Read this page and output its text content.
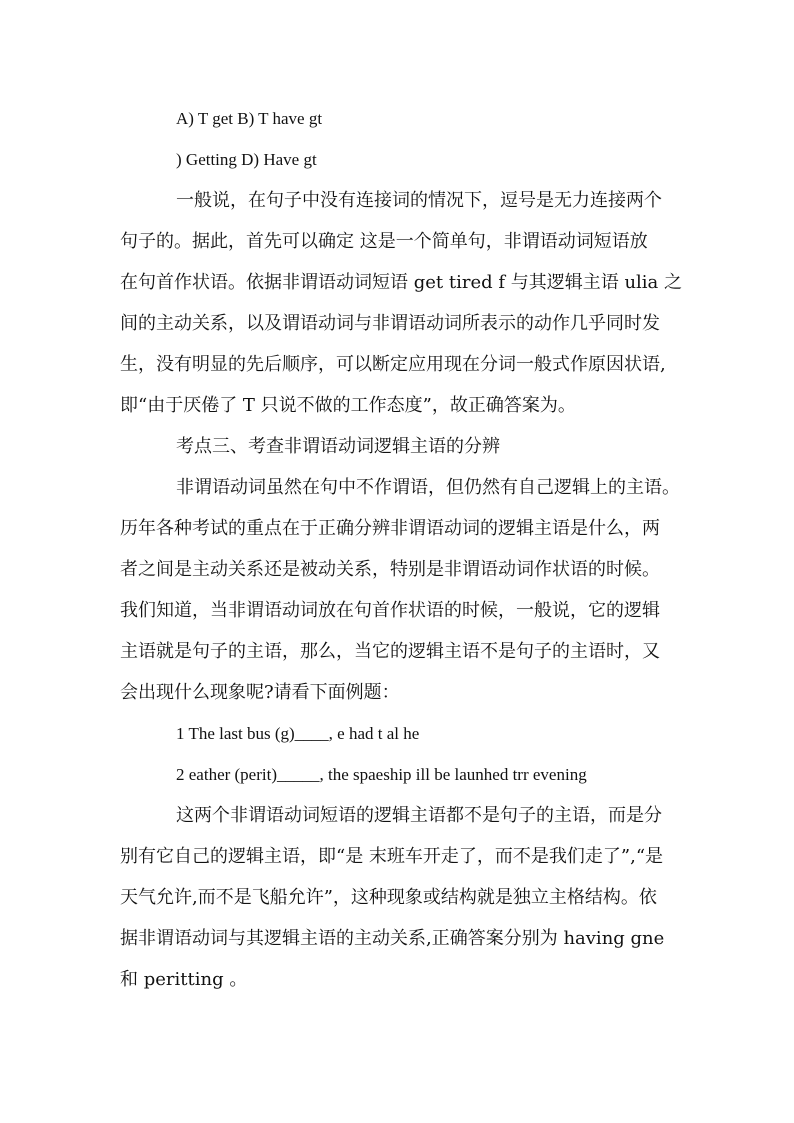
A) T get B) T have gt
) Getting D) Have gt
一般说，在句子中没有连接词的情况下，逗号是无力连接两个
句子的。据此，首先可以确定 这是一个简单句，非谓语动词短语放
在句首作状语。依据非谓语动词短语 get tired f 与其逻辑主语 ulia 之
间的主动关系，以及谓语动词与非谓语动词所表示的动作几乎同时发
生，没有明显的先后顺序，可以断定应用现在分词一般式作原因状语,
即“由于厌倦了 T 只说不做的工作态度”，故正确答案为。
考点三、考查非谓语动词逻辑主语的分辨
非谓语动词虽然在句中不作谓语，但仍然有自己逻辑上的主语。
历年各种考试的重点在于正确分辨非谓语动词的逻辑主语是什么，两
者之间是主动关系还是被动关系，特别是非谓语动词作状语的时候。
我们知道，当非谓语动词放在句首作状语的时候，一般说，它的逻辑
主语就是句子的主语，那么，当它的逻辑主语不是句子的主语时，又
会出现什么现象呢?请看下面例题：
1 The last bus (g)____, e had t al he
2 eather (perit)_____, the spaeship ill be launhed trr evening
这两个非谓语动词短语的逻辑主语都不是句子的主语，而是分
别有它自己的逻辑主语，即“是 末班车开走了，而不是我们走了”,“是
天气允许,而不是飞船允许”，这种现象或结构就是独立主格结构。依
据非谓语动词与其逻辑主语的主动关系,正确答案分别为 having gne
和 peritting 。
